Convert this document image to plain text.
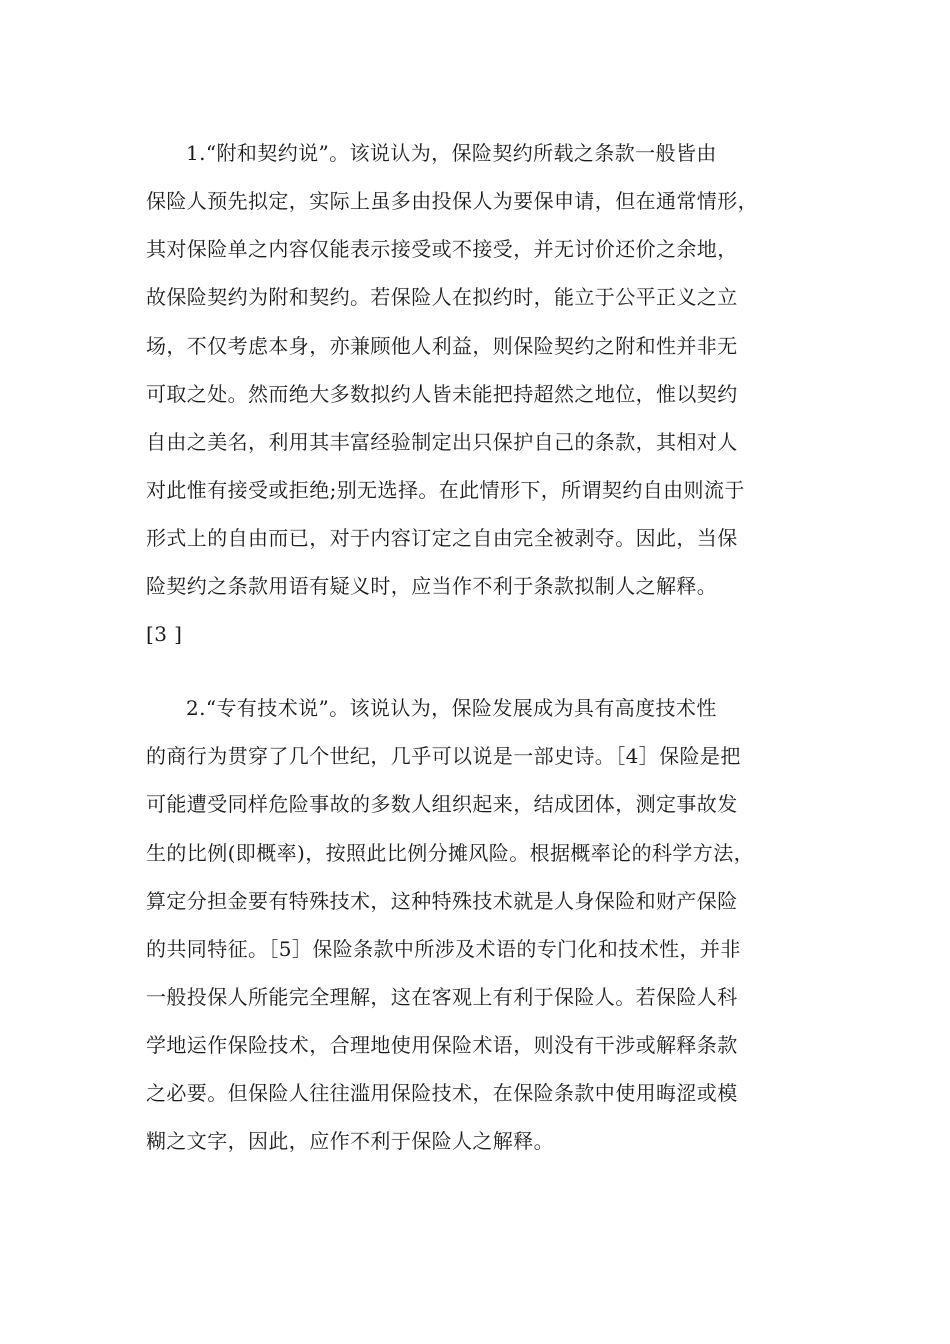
1.“附和契约说”。该说认为，保险契约所载之条款一般皆由
保险人预先拟定，实际上虽多由投保人为要保申请，但在通常情形，
其对保险单之内容仅能表示接受或不接受，并无讨价还价之余地，
故保险契约为附和契约。若保险人在拟约时，能立于公平正义之立
场，不仅考虑本身，亦兼顾他人利益，则保险契约之附和性并非无
可取之处。然而绝大多数拟约人皆未能把持超然之地位，惟以契约
自由之美名，利用其丰富经验制定出只保护自己的条款，其相对人
对此惟有接受或拒绝;别无选择。在此情形下，所谓契约自由则流于
形式上的自由而已，对于内容订定之自由完全被剥夺。因此，当保
险契约之条款用语有疑义时，应当作不利于条款拟制人之解释。
[3 ]
2.“专有技术说”。该说认为，保险发展成为具有高度技术性
的商行为贯穿了几个世纪，几乎可以说是一部史诗。［4］保险是把
可能遭受同样危险事故的多数人组织起来，结成团体，测定事故发
生的比例(即概率)，按照此比例分摊风险。根据概率论的科学方法，
算定分担金要有特殊技术，这种特殊技术就是人身保险和财产保险
的共同特征。［5］保险条款中所涉及术语的专门化和技术性，并非
一般投保人所能完全理解，这在客观上有利于保险人。若保险人科
学地运作保险技术，合理地使用保险术语，则没有干涉或解释条款
之必要。但保险人往往滥用保险技术，在保险条款中使用晦涩或模
糊之文字，因此，应作不利于保险人之解释。
